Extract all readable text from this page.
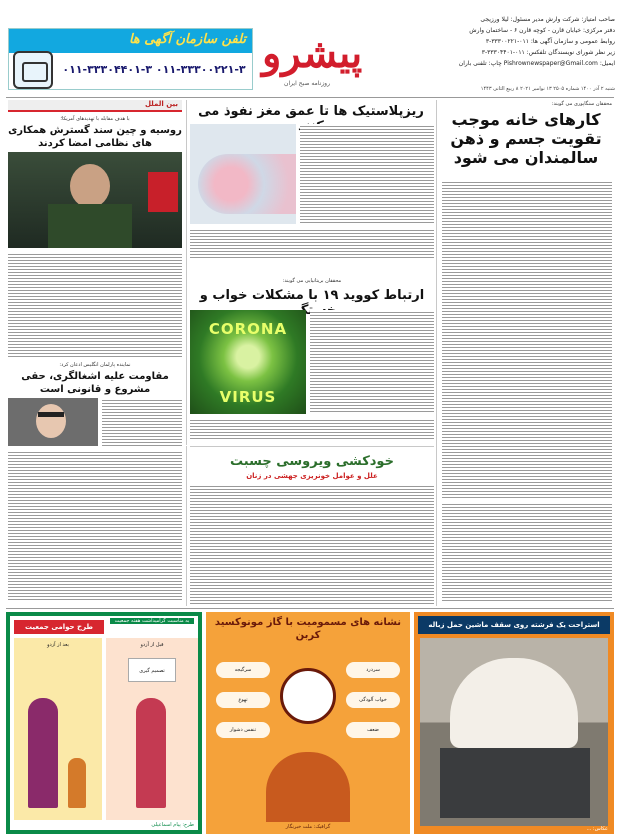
تلفن سازمان آگهی ها
۰۱۱-۳۳۳۰۰۲۲۱-۳ ۰۱۱-۳۳۳۰۴۴۰۱-۳ پیشرو
روزنامه صبح ایران
صاحب امتیاز: شرکت وارش مدیر مسئول: لیلا ورزیجی
دفتر مرکزی: خیابان قارن - کوچه قارن ۶ - ساختمان وارش
روابط عمومی و سازمان آگهی ها: ۰۱۱-۳۳۳۰۰۲۲۱-۳
زیر نظر شورای نویسندگان تلفکس: ۰۱۱-۳۳۳۰۴۴۰۱-۳
ایمیل: Pishrownewspaper@Gmail.com چاپ: تلفنی باران
شنبه ۲ آذر ۱۴۰۰ شماره ۲۵۰۵ ۱۳ نوامبر ۲۰۲۱ ۸ ربیع الثانی ۱۴۴۳
محققان سنگاپوری می گویند:
کارهای خانه موجب تقویت جسم و ذهن سالمندان می شود
ریزپلاستیک ها تا عمق مغز نفوذ می
محققان بریتانیایی می گویند:
ارتباط کووید ۱۹ با مشکلات خواب و
CORONA
VIRUS
بین الملل
با هدف مقابله با تهدیدهای آمریکا؛
روسیه و چین سند گسترش همکاری های نظامی امضا کردند
نماینده پارلمان انگلیس اذعان کرد:
مقاومت علیه اشغالگری، حقی مشروع و قانونی است
خودکشی ویروسی چسبت
علل و عوامل خونریزی جهشی در زنان
استراحت یک فرشته روی سقف ماشین حمل زباله
عکاس: ...
نشانه های مسمومیت با گاز مونوکسید کربن
سرگیجه	سردرد
تهوع	خواب آلودگی
تنفس دشوار	ضعف
گرافیک: ملت خبرنگار
به مناسبت گرامیداشت هفته جمعیت
طرح حوامی جمعیت
قبل از آزدو
تصمیم گیری
بعد از آزدو
طرح: پیام اسماعیلی
